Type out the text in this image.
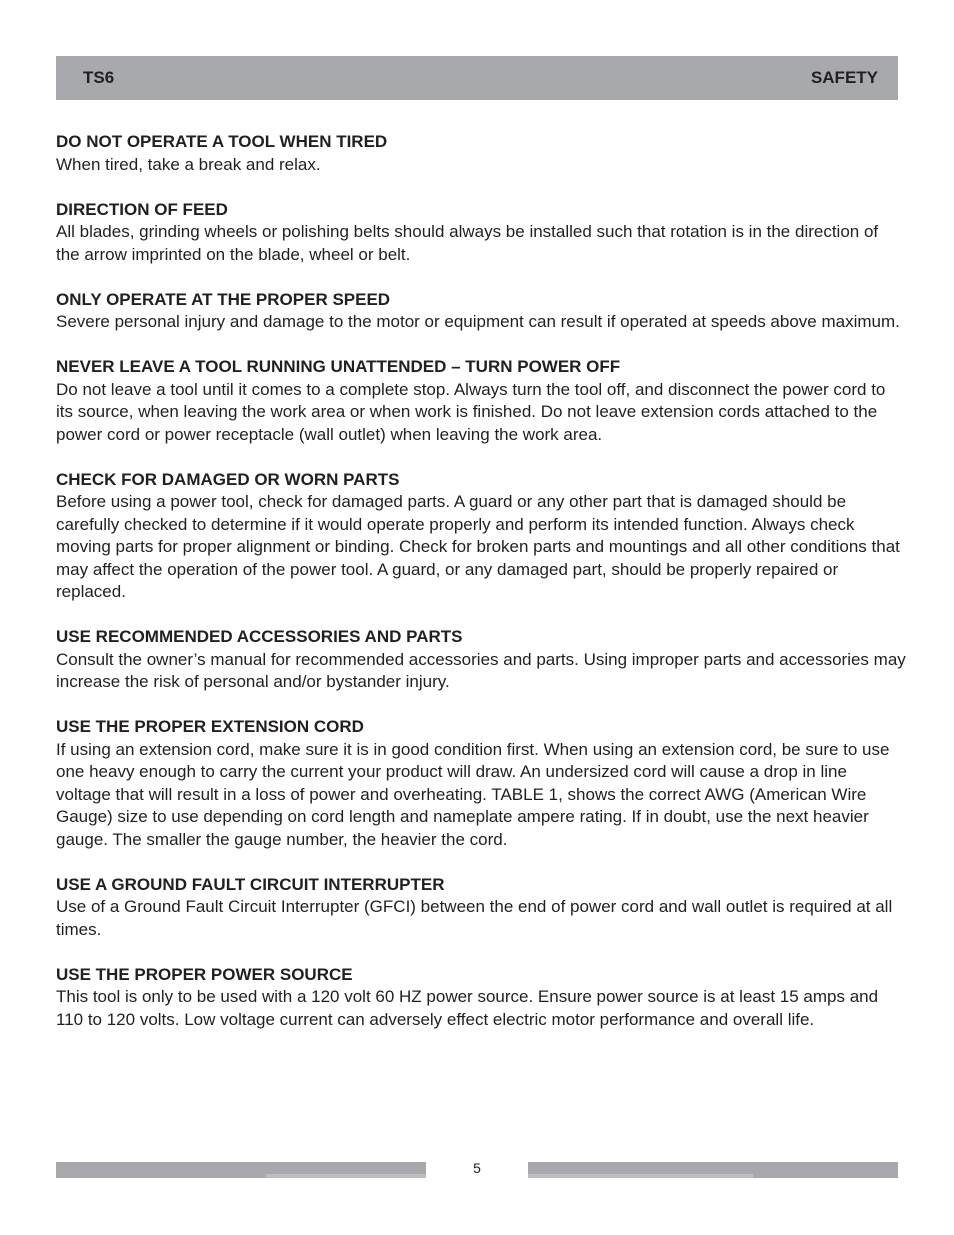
TS6	SAFETY
DO NOT OPERATE A TOOL WHEN TIRED

When tired, take a break and relax.

DIRECTION OF FEED

All blades, grinding wheels or polishing belts should always be installed such that rotation is in the direction of the arrow imprinted on the blade, wheel or belt.

ONLY OPERATE AT THE PROPER SPEED

Severe personal injury and damage to the motor or equipment can result if operated at speeds above maximum.

NEVER LEAVE A TOOL RUNNING UNATTENDED – TURN POWER OFF

Do not leave a tool until it comes to a complete stop. Always turn the tool off, and disconnect the power cord to its source, when leaving the work area or when work is finished. Do not leave extension cords attached to the power cord or power receptacle (wall outlet) when leaving the work area.

CHECK FOR DAMAGED OR WORN PARTS

Before using a power tool, check for damaged parts. A guard or any other part that is damaged should be carefully checked to determine if it would operate properly and perform its intended function. Always check moving parts for proper alignment or binding. Check for broken parts and mountings and all other conditions that may affect the operation of the power tool. A guard, or any damaged part, should be properly repaired or replaced.

USE RECOMMENDED ACCESSORIES AND PARTS

Consult the owner’s manual for recommended accessories and parts. Using improper parts and accessories may increase the risk of personal and/or bystander injury.

USE THE PROPER EXTENSION CORD

If using an extension cord, make sure it is in good condition first. When using an extension cord, be sure to use one heavy enough to carry the current your product will draw. An undersized cord will cause a drop in line voltage that will result in a loss of power and overheating. TABLE 1, shows the correct AWG (American Wire Gauge) size to use depending on cord length and nameplate ampere rating. If in doubt, use the next heavier gauge. The smaller the gauge number, the heavier the cord.

USE A GROUND FAULT CIRCUIT INTERRUPTER

Use of a Ground Fault Circuit Interrupter (GFCI) between the end of power cord and wall outlet is required at all times.

USE THE PROPER POWER SOURCE

This tool is only to be used with a 120 volt 60 HZ power source. Ensure power source is at least 15 amps and 110 to 120 volts. Low voltage current can adversely effect electric motor performance and overall life.

5
